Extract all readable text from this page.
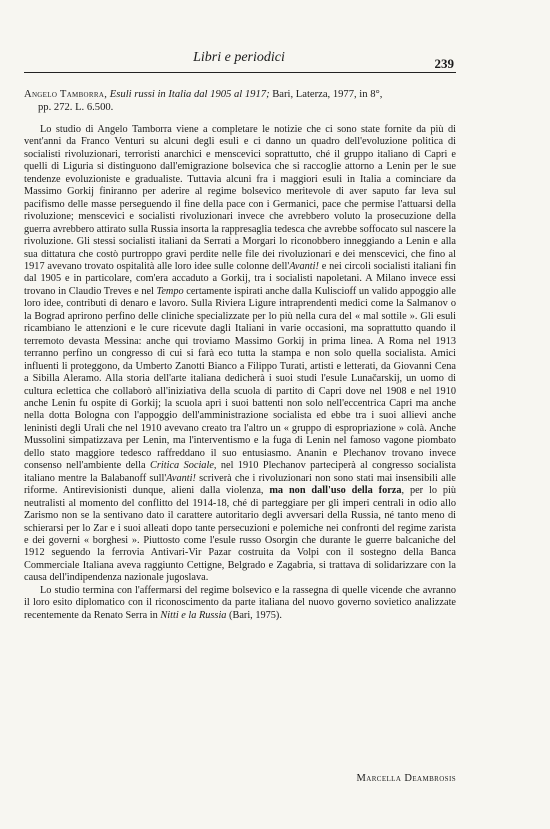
Libri e periodici	239
Angelo Tamborra, Esuli russi in Italia dal 1905 al 1917; Bari, Laterza, 1977, in 8°,
pp. 272. L. 6.500.

Lo studio di Angelo Tamborra viene a completare le notizie che ci sono state fornite da più di vent'anni da Franco Venturi su alcuni degli esuli e ci danno un quadro dell'evoluzione politica di socialisti rivoluzionari, terroristi anarchici e menscevici soprattutto, ché il gruppo italiano di Capri e quelli di Liguria si distinguono dall'emigrazione bolsevica che si raccoglie attorno a Lenin per le sue tendenze evoluzioniste e gradualiste. Tuttavia alcuni fra i maggiori esuli in Italia a cominciare da Massimo Gorkij finiranno per aderire al regime bolsevico meritevole di aver saputo far leva sul pacifismo delle masse perseguendo il fine della pace con i Germanici, pace che permise l'attuarsi della rivoluzione; menscevici e socialisti rivoluzionari invece che avrebbero voluto la prosecuzione della guerra avrebbero attirato sulla Russia insorta la rappresaglia tedesca che avrebbe soffocato sul nascere la rivoluzione. Gli stessi socialisti italiani da Serrati a Morgari lo riconobbero inneggiando a Lenin e alla sua dittatura che costò purtroppo gravi perdite nelle file dei rivoluzionari e dei menscevici, che fino al 1917 avevano trovato ospitalità alle loro idee sulle colonne dell'Avanti! e nei circoli socialisti italiani fin dal 1905 e in particolare, com'era accaduto a Gorkij, tra i socialisti napoletani. A Milano invece essi trovano in Claudio Treves e nel Tempo certamente ispirati anche dalla Kuliscioff un valido appoggio alle loro idee, contributi di denaro e lavoro. Sulla Riviera Ligure intraprendenti medici come la Salmanov o la Bograd aprirono perfino delle cliniche specializzate per lo più nella cura del « mal sottile ». Gli esuli ricambiano le attenzioni e le cure ricevute dagli Italiani in varie occasioni, ma soprattutto quando il terremoto devasta Messina: anche qui troviamo Massimo Gorkij in prima linea. A Roma nel 1913 terranno perfino un congresso di cui si farà eco tutta la stampa e non solo quella socialista. Amici influenti li proteggono, da Umberto Zanotti Bianco a Filippo Turati, artisti e letterati, da Giovanni Cena a Sibilla Aleramo. Alla storia dell'arte italiana dedicherà i suoi studi l'esule Lunačarskij, un uomo di cultura eclettica che collaborò all'iniziativa della scuola di partito di Capri dove nel 1908 e nel 1910 anche Lenin fu ospite di Gorkij; la scuola aprì i suoi battenti non solo nell'eccentrica Capri ma anche nella dotta Bologna con l'appoggio dell'amministrazione socialista ed ebbe tra i suoi allievi anche leninisti degli Urali che nel 1910 avevano creato tra l'altro un « gruppo di espropriazione » colà. Anche Mussolini simpatizzava per Lenin, ma l'interventismo e la fuga di Lenin nel famoso vagone piombato dello stato maggiore tedesco raffreddano il suo entusiasmo. Ananin e Plechanov trovano invece consenso nell'ambiente della Critica Sociale, nel 1910 Plechanov parteciperà al congresso socialista italiano mentre la Balabanoff sull'Avanti! scriverà che i rivoluzionari non sono stati mai insensibili alle riforme. Antirevisionisti dunque, alieni dalla violenza, ma non dall'uso della forza, per lo più neutralisti al momento del conflitto del 1914-18, ché di parteggiare per gli imperi centrali in odio allo Zarismo non se la sentivano dato il carattere autoritario degli avversari della Russia, né tanto meno di schierarsi per lo Zar e i suoi alleati dopo tante persecuzioni e polemiche nei confronti del regime zarista e dei governi « borghesi ». Piuttosto come l'esule russo Osorgin che durante le guerre balcaniche del 1912 seguendo la ferrovia Antivari-Vir Pazar costruita da Volpi con il sostegno della Banca Commerciale Italiana aveva raggiunto Cettigne, Belgrado e Zagabria, si trattava di solidarizzare con la causa dell'indipendenza nazionale jugoslava.
Lo studio termina con l'affermarsi del regime bolsevico e la rassegna di quelle vicende che avranno il loro esito diplomatico con il riconoscimento da parte italiana del nuovo governo sovietico analizzate recentemente da Renato Serra in Nitti e la Russia (Bari, 1975).

Marcella Deambrosis
